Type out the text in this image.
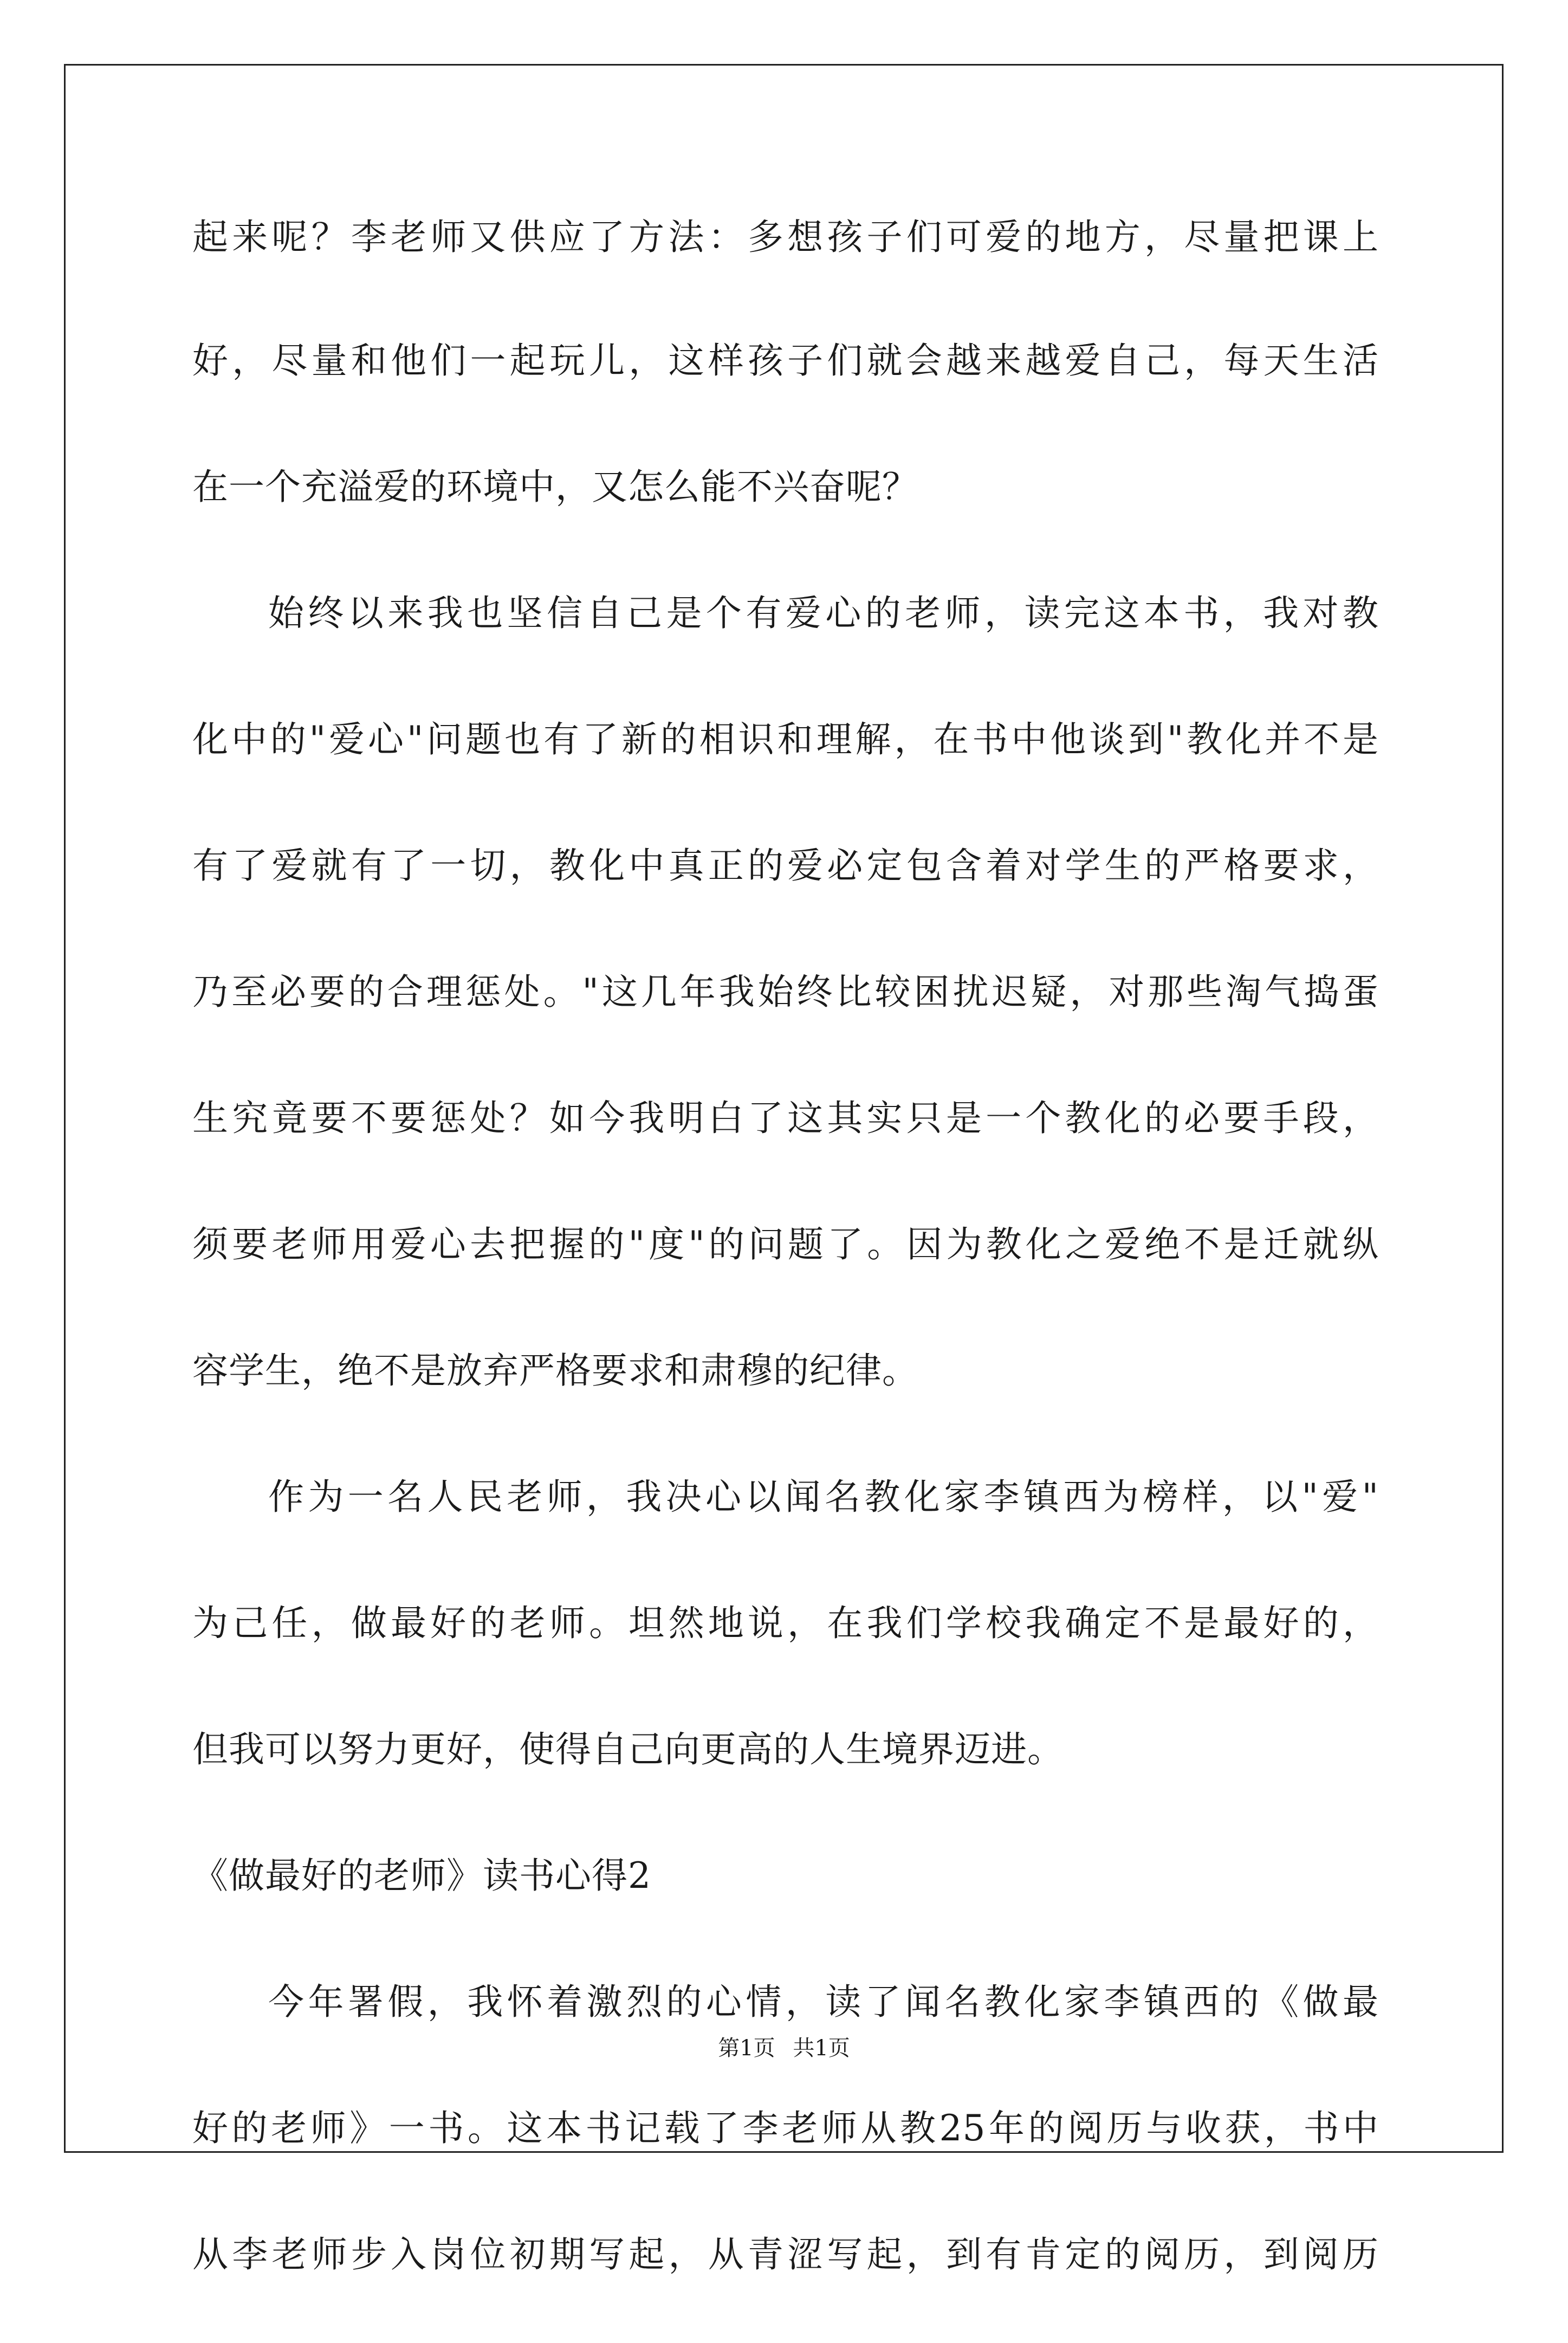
起来呢？李老师又供应了方法：多想孩子们可爱的地方，尽量把课上
好，尽量和他们一起玩儿，这样孩子们就会越来越爱自己，每天生活
在一个充溢爱的环境中，又怎么能不兴奋呢？
始终以来我也坚信自己是个有爱心的老师，读完这本书，我对教
化中的"爱心"问题也有了新的相识和理解，在书中他谈到"教化并不是
有了爱就有了一切，教化中真正的爱必定包含着对学生的严格要求，
乃至必要的合理惩处。"这几年我始终比较困扰迟疑，对那些淘气捣蛋
生究竟要不要惩处？如今我明白了这其实只是一个教化的必要手段，
须要老师用爱心去把握的"度"的问题了。因为教化之爱绝不是迁就纵
容学生，绝不是放弃严格要求和肃穆的纪律。
作为一名人民老师，我决心以闻名教化家李镇西为榜样，以"爱"
为己任，做最好的老师。坦然地说，在我们学校我确定不是最好的，
但我可以努力更好，使得自己向更高的人生境界迈进。
《做最好的老师》读书心得2
今年署假，我怀着激烈的心情，读了闻名教化家李镇西的《做最
好的老师》一书。这本书记载了李老师从教25年的阅历与收获，书中
从李老师步入岗位初期写起，从青涩写起，到有肯定的阅历，到阅历
第1页 共1页
